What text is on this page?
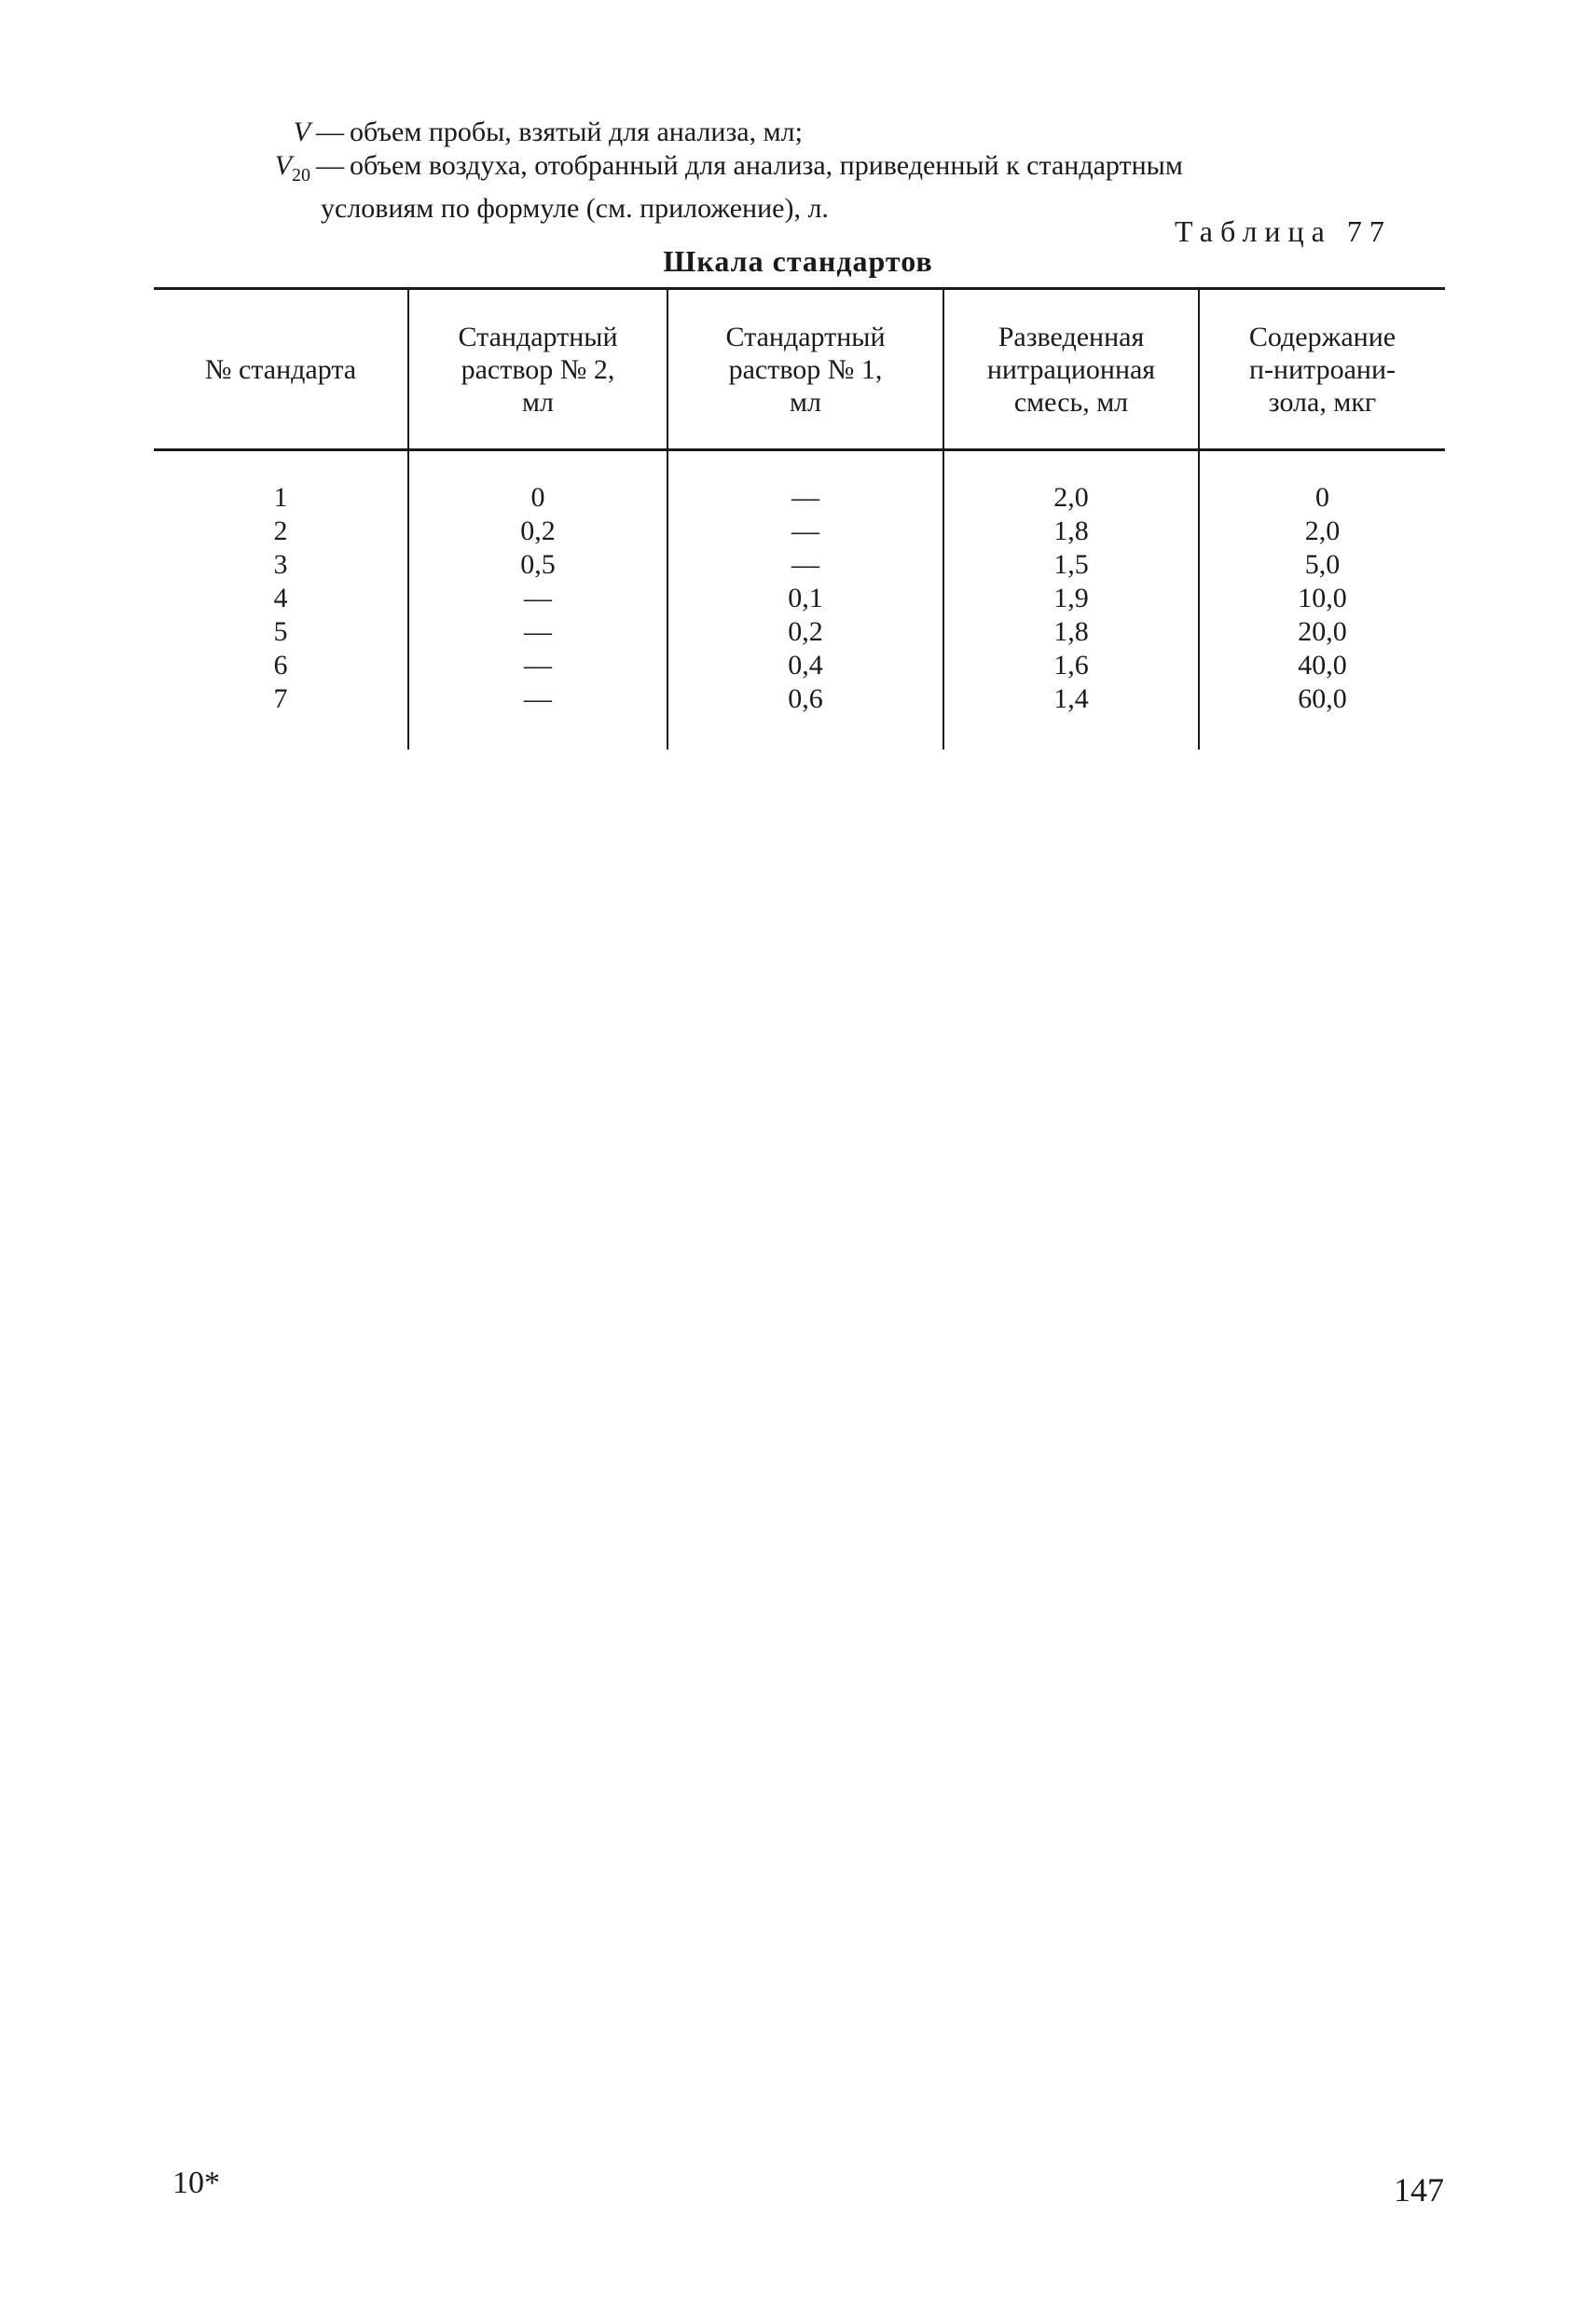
V — объем пробы, взятый для анализа, мл;
$V_{20}$ — объем воздуха, отобранный для анализа, приведенный к стандартным
условиям по формуле (см. приложение), л.
Таблица 77
Шкала стандартов
№ стандарта
Стандартный
раствор № 2,
мл
Стандартный
раствор № 1,
мл
Разведенная
нитрационная
смесь, мл
Содержание
п-нитроани-
зола, мкг
1
2
3
4
5
6
7
0
0,2
0,5
—
—
—
—
—
—
—
0,1
0,2
0,4
0,6
2,0
1,8
1,5
1,9
1,8
1,6
1,4
0
2,0
5,0
10,0
20,0
40,0
60,0
10*	147
